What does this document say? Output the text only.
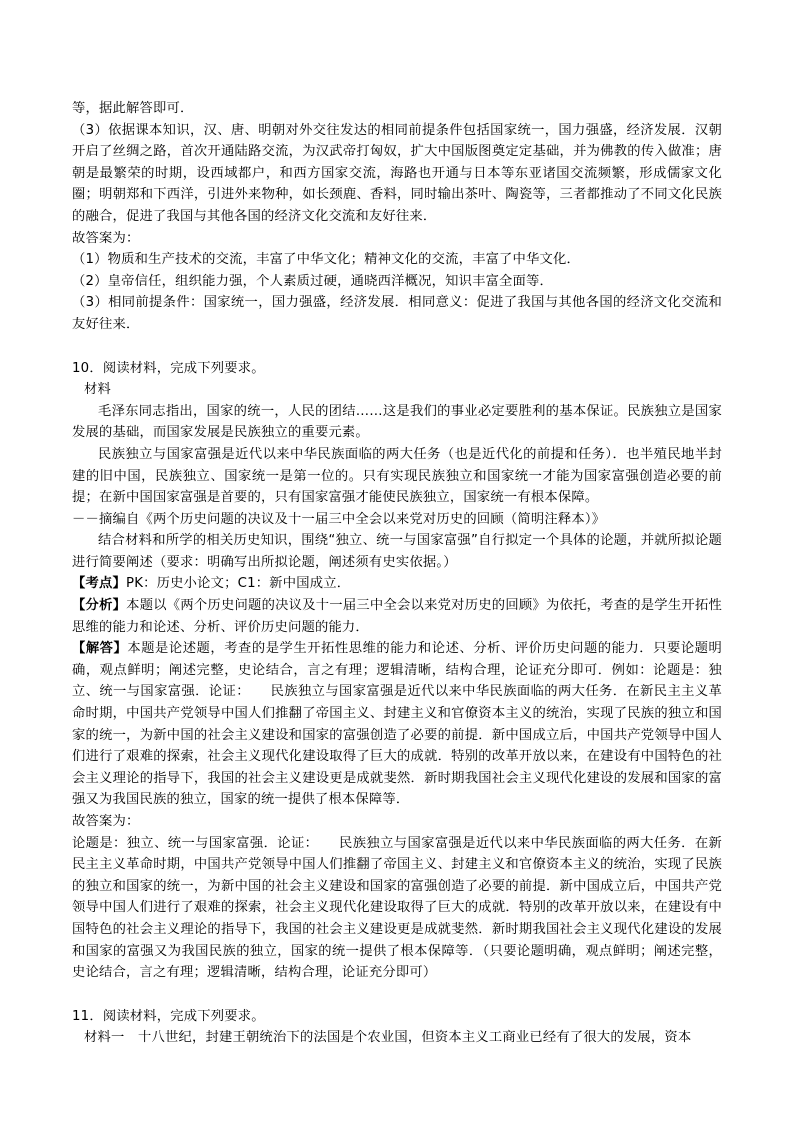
等，据此解答即可．

（3）依据课本知识，汉、唐、明朝对外交往发达的相同前提条件包括国家统一，国力强盛，经济发展．汉朝开启了丝绸之路，首次开通陆路交流，为汉武帝打匈奴，扩大中国版图奠定定基础，并为佛教的传入做准；唐朝是最繁荣的时期，设西域都户，和西方国家交流，海路也开通与日本等东亚诸国交流频繁，形成儒家文化圈；明朝郑和下西洋，引进外来物种，如长颈鹿、香料，同时输出茶叶、陶瓷等，三者都推动了不同文化民族的融合，促进了我国与其他各国的经济文化交流和友好往来．

故答案为：

（1）物质和生产技术的交流，丰富了中华文化；精神文化的交流，丰富了中华文化．

（2）皇帝信任，组织能力强，个人素质过硬，通晓西洋概况，知识丰富全面等．

（3）相同前提条件：国家统一，国力强盛，经济发展．相同意义：促进了我国与其他各国的经济文化交流和友好往来．

10．阅读材料，完成下列要求。

材料

毛泽东同志指出，国家的统一，人民的团结……这是我们的事业必定要胜利的基本保证。民族独立是国家发展的基础，而国家发展是民族独立的重要元素。

民族独立与国家富强是近代以来中华民族面临的两大任务（也是近代化的前提和任务）．也半殖民地半封建的旧中国，民族独立、国家统一是第一位的。只有实现民族独立和国家统一才能为国家富强创造必要的前提；在新中国国家富强是首要的，只有国家富强才能使民族独立，国家统一有根本保障。

－－摘编自《两个历史问题的决议及十一届三中全会以来党对历史的回顾（简明注释本）》

结合材料和所学的相关历史知识，围绕“独立、统一与国家富强”自行拟定一个具体的论题，并就所拟论题进行简要阐述（要求：明确写出所拟论题，阐述须有史实依据。）

【考点】PK：历史小论文；C1：新中国成立．

【分析】本题以《两个历史问题的决议及十一届三中全会以来党对历史的回顾》为依托，考查的是学生开拓性思维的能力和论述、分析、评价历史问题的能力．

【解答】本题是论述题，考查的是学生开拓性思维的能力和论述、分析、评价历史问题的能力．只要论题明确，观点鲜明；阐述完整，史论结合，言之有理；逻辑清晰，结构合理，论证充分即可．例如：论题是：独立、统一与国家富强．论证：　　民族独立与国家富强是近代以来中华民族面临的两大任务．在新民主主义革命时期，中国共产党领导中国人们推翻了帝国主义、封建主义和官僚资本主义的统治，实现了民族的独立和国家的统一，为新中国的社会主义建设和国家的富强创造了必要的前提．新中国成立后，中国共产党领导中国人们进行了艰难的探索，社会主义现代化建设取得了巨大的成就．特别的改革开放以来，在建设有中国特色的社会主义理论的指导下，我国的社会主义建设更是成就斐然．新时期我国社会主义现代化建设的发展和国家的富强又为我国民族的独立，国家的统一提供了根本保障等．

故答案为：

论题是：独立、统一与国家富强．论证：　　民族独立与国家富强是近代以来中华民族面临的两大任务．在新民主主义革命时期，中国共产党领导中国人们推翻了帝国主义、封建主义和官僚资本主义的统治，实现了民族的独立和国家的统一，为新中国的社会主义建设和国家的富强创造了必要的前提．新中国成立后，中国共产党领导中国人们进行了艰难的探索，社会主义现代化建设取得了巨大的成就．特别的改革开放以来，在建设有中国特色的社会主义理论的指导下，我国的社会主义建设更是成就斐然．新时期我国社会主义现代化建设的发展和国家的富强又为我国民族的独立，国家的统一提供了根本保障等．（只要论题明确，观点鲜明；阐述完整，史论结合，言之有理；逻辑清晰，结构合理，论证充分即可）

11．阅读材料，完成下列要求。

材料一　十八世纪，封建王朝统治下的法国是个农业国，但资本主义工商业已经有了很大的发展，资本
